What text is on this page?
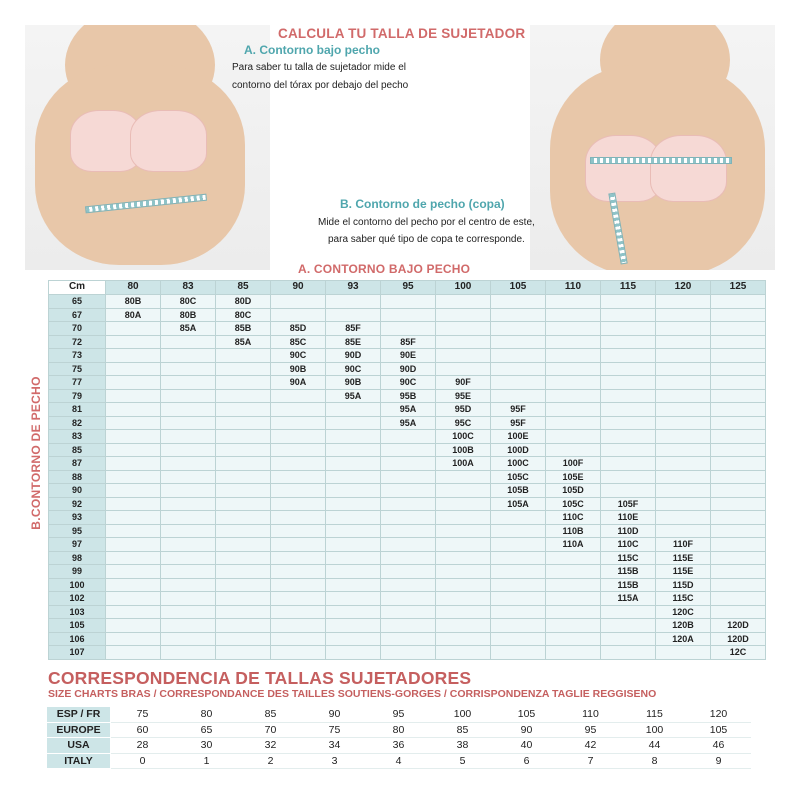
CALCULA TU TALLA DE SUJETADOR
A. Contorno bajo pecho
Para saber tu talla de sujetador mide el
contorno del tórax por debajo del pecho
B. Contorno de pecho (copa)
Mide el contorno del pecho por el centro de este,
para saber qué tipo de copa te corresponde.
A. CONTORNO BAJO PECHO
B.CONTORNO DE PECHO
Cm	80	83	85	90	93	95	100	105	110	115	120	125
65	80B	80C	80D									
67	80A	80B	80C									
70		85A	85B	85D	85F							
72			85A	85C	85E	85F						
73				90C	90D	90E						
75				90B	90C	90D						
77				90A	90B	90C	90F					
79					95A	95B	95E					
81						95A	95D	95F				
82						95A	95C	95F				
83							100C	100E				
85							100B	100D				
87							100A	100C	100F			
88								105C	105E			
90								105B	105D			
92								105A	105C	105F		
93									110C	110E		
95									110B	110D		
97									110A	110C	110F	
98										115C	115E	
99										115B	115E	
100										115B	115D	
102										115A	115C	
103											120C	
105											120B	120D
106											120A	120D
107												12C
CORRESPONDENCIA DE TALLAS SUJETADORES
SIZE CHARTS BRAS / CORRESPONDANCE DES TAILLES SOUTIENS-GORGES / CORRISPONDENZA TAGLIE REGGISENO
ESP / FR	75	80	85	90	95	100	105	110	115	120
EUROPE	60	65	70	75	80	85	90	95	100	105
USA	28	30	32	34	36	38	40	42	44	46
ITALY	0	1	2	3	4	5	6	7	8	9
